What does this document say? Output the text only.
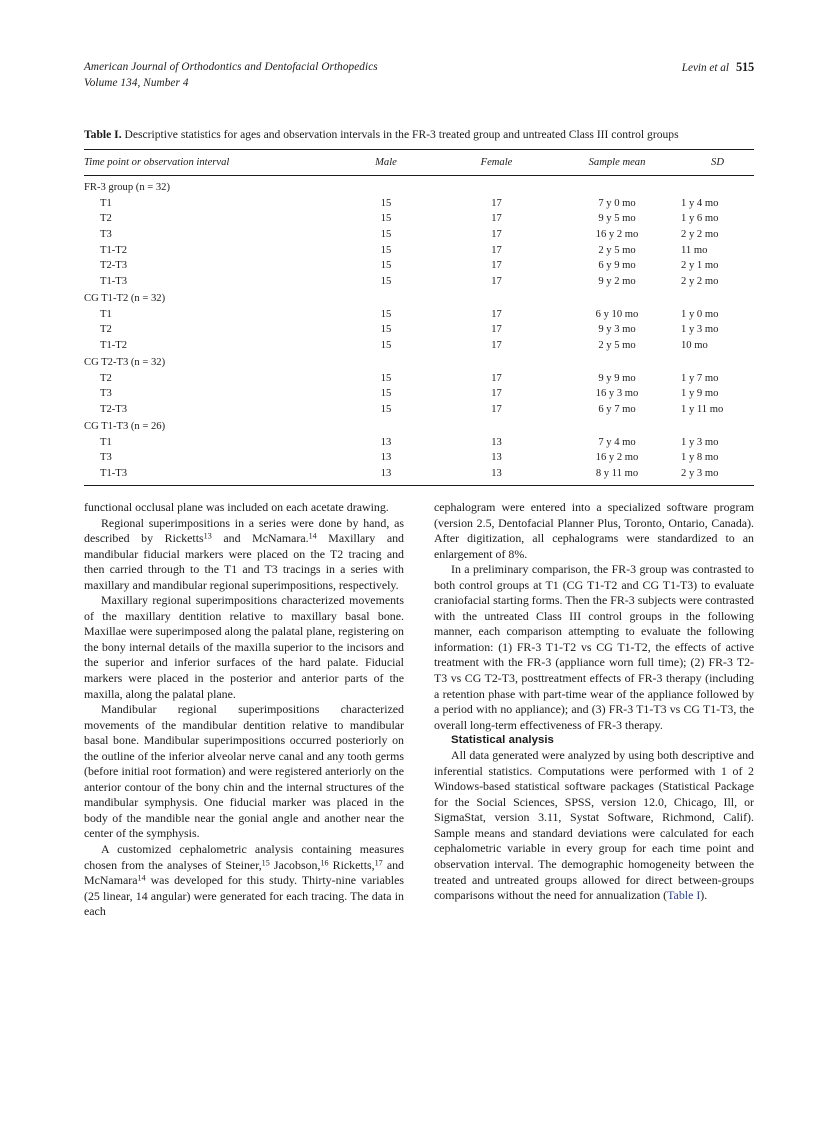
American Journal of Orthodontics and Dentofacial Orthopedics
Volume 134, Number 4
Levin et al 515
Table I. Descriptive statistics for ages and observation intervals in the FR-3 treated group and untreated Class III control groups
Time point or observation interval	Male	Female	Sample mean	SD
FR-3 group (n = 32)				
T1	15	17	7 y 0 mo	1 y 4 mo
T2	15	17	9 y 5 mo	1 y 6 mo
T3	15	17	16 y 2 mo	2 y 2 mo
T1-T2	15	17	2 y 5 mo	11 mo
T2-T3	15	17	6 y 9 mo	2 y 1 mo
T1-T3	15	17	9 y 2 mo	2 y 2 mo
CG T1-T2 (n = 32)				
T1	15	17	6 y 10 mo	1 y 0 mo
T2	15	17	9 y 3 mo	1 y 3 mo
T1-T2	15	17	2 y 5 mo	10 mo
CG T2-T3 (n = 32)				
T2	15	17	9 y 9 mo	1 y 7 mo
T3	15	17	16 y 3 mo	1 y 9 mo
T2-T3	15	17	6 y 7 mo	1 y 11 mo
CG T1-T3 (n = 26)				
T1	13	13	7 y 4 mo	1 y 3 mo
T3	13	13	16 y 2 mo	1 y 8 mo
T1-T3	13	13	8 y 11 mo	2 y 3 mo

functional occlusal plane was included on each acetate drawing.

Regional superimpositions in a series were done by hand, as described by Ricketts$^{13}$ and McNamara.$^{14}$ Maxillary and mandibular fiducial markers were placed on the T2 tracing and then carried through to the T1 and T3 tracings in a series with maxillary and mandibular regional superimpositions, respectively.

Maxillary regional superimpositions characterized movements of the maxillary dentition relative to maxillary basal bone. Maxillae were superimposed along the palatal plane, registering on the bony internal details of the maxilla superior to the incisors and the superior and inferior surfaces of the hard palate. Fiducial markers were placed in the posterior and anterior parts of the maxilla, along the palatal plane.

Mandibular regional superimpositions characterized movements of the mandibular dentition relative to mandibular basal bone. Mandibular superimpositions occurred posteriorly on the outline of the inferior alveolar nerve canal and any tooth germs (before initial root formation) and were registered anteriorly on the anterior contour of the bony chin and the internal structures of the mandibular symphysis. One fiducial marker was placed in the body of the mandible near the gonial angle and another near the center of the symphysis.

A customized cephalometric analysis containing measures chosen from the analyses of Steiner,$^{15}$ Jacobson,$^{16}$ Ricketts,$^{17}$ and McNamara$^{14}$ was developed for this study. Thirty-nine variables (25 linear, 14 angular) were generated for each tracing. The data in each

cephalogram were entered into a specialized software program (version 2.5, Dentofacial Planner Plus, Toronto, Ontario, Canada). After digitization, all cephalograms were standardized to an enlargement of 8%.

In a preliminary comparison, the FR-3 group was contrasted to both control groups at T1 (CG T1-T2 and CG T1-T3) to evaluate craniofacial starting forms. Then the FR-3 subjects were contrasted with the untreated Class III control groups in the following manner, each comparison attempting to evaluate the following information: (1) FR-3 T1-T2 vs CG T1-T2, the effects of active treatment with the FR-3 (appliance worn full time); (2) FR-3 T2-T3 vs CG T2-T3, posttreatment effects of FR-3 therapy (including a retention phase with part-time wear of the appliance followed by a period with no appliance); and (3) FR-3 T1-T3 vs CG T1-T3, the overall long-term effectiveness of FR-3 therapy.

Statistical analysis

All data generated were analyzed by using both descriptive and inferential statistics. Computations were performed with 1 of 2 Windows-based statistical software packages (Statistical Package for the Social Sciences, SPSS, version 12.0, Chicago, Ill, or SigmaStat, version 3.11, Systat Software, Richmond, Calif). Sample means and standard deviations were calculated for each cephalometric variable in every group for each time point and observation interval. The demographic homogeneity between the treated and untreated groups allowed for direct between-groups comparisons without the need for annualization (Table I).
